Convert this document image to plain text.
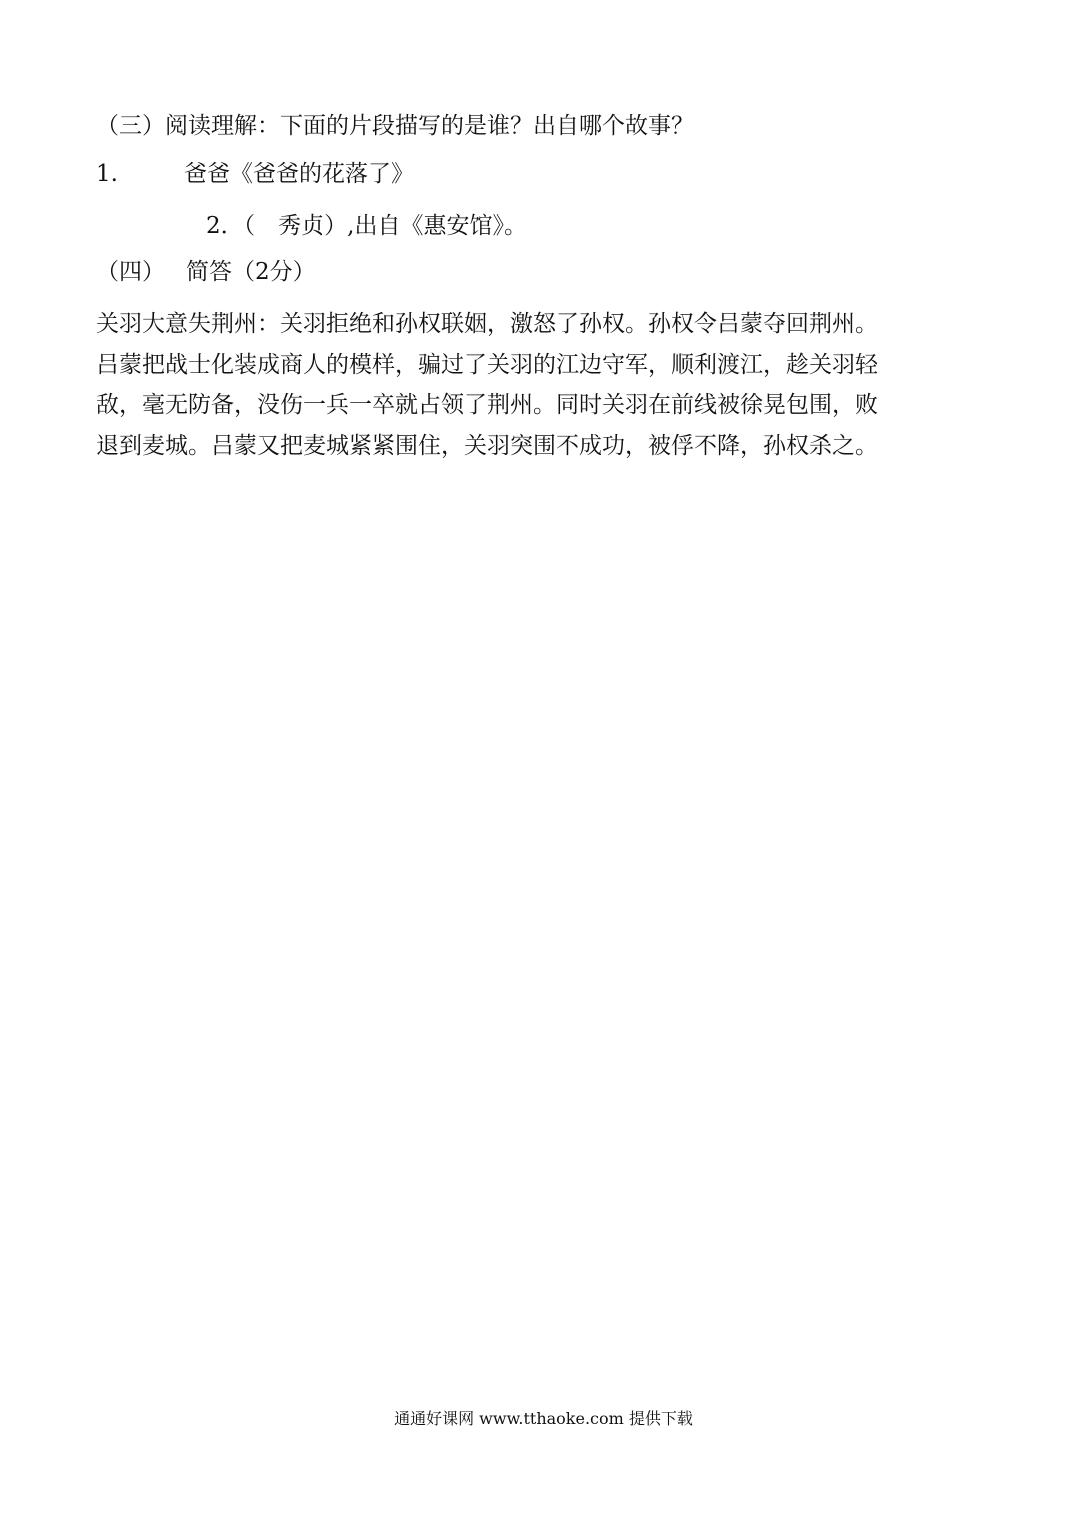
（三）阅读理解：下面的片段描写的是谁？出自哪个故事？
1.	爸爸《爸爸的花落了》
2．（　秀贞）,出自《惠安馆》。
（四） 简答（2分）
关羽大意失荆州：关羽拒绝和孙权联姻，激怒了孙权。孙权令吕蒙夺回荆州。
吕蒙把战士化装成商人的模样，骗过了关羽的江边守军，顺利渡江，趁关羽轻
敌，毫无防备，没伤一兵一卒就占领了荆州。同时关羽在前线被徐晃包围，败
退到麦城。吕蒙又把麦城紧紧围住，关羽突围不成功，被俘不降，孙权杀之。
通通好课网 www.tthaoke.com 提供下载
